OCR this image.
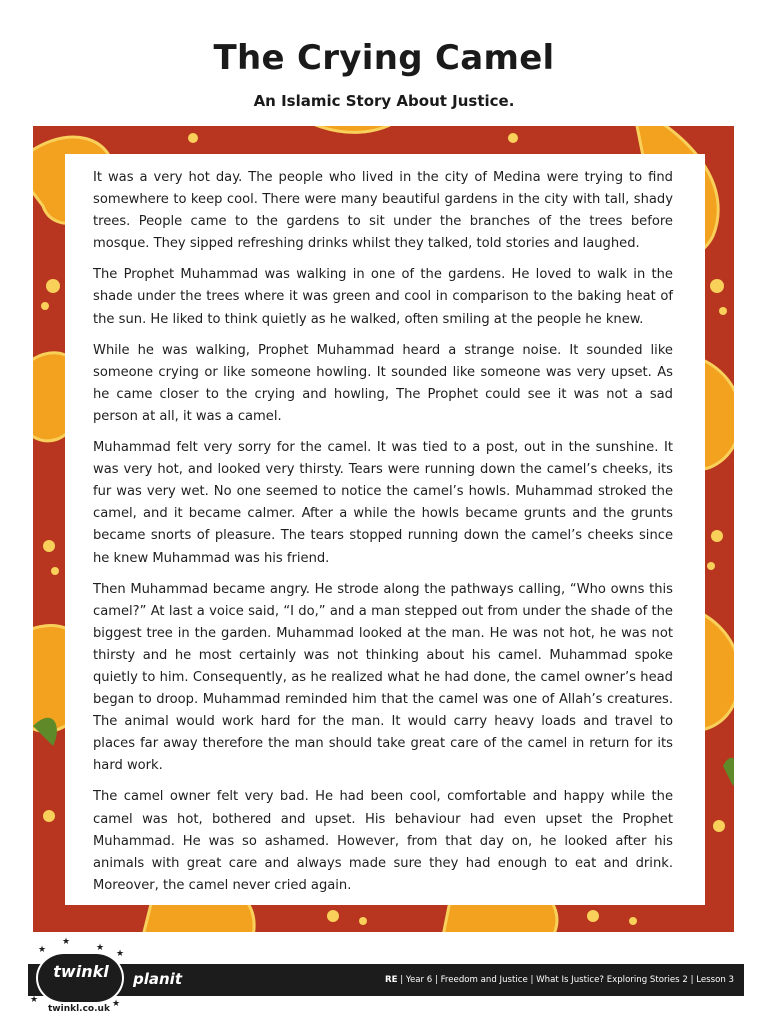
The Crying Camel
An Islamic Story About Justice.

It was a very hot day. The people who lived in the city of Medina were trying to find somewhere to keep cool. There were many beautiful gardens in the city with tall, shady trees. People came to the gardens to sit under the branches of the trees before mosque. They sipped refreshing drinks whilst they talked, told stories and laughed.

The Prophet Muhammad was walking in one of the gardens. He loved to walk in the shade under the trees where it was green and cool in comparison to the baking heat of the sun. He liked to think quietly as he walked, often smiling at the people he knew.

While he was walking, Prophet Muhammad heard a strange noise. It sounded like someone crying or like someone howling. It sounded like someone was very upset. As he came closer to the crying and howling, The Prophet could see it was not a sad person at all, it was a camel.

Muhammad felt very sorry for the camel. It was tied to a post, out in the sunshine. It was very hot, and looked very thirsty. Tears were running down the camel’s cheeks, its fur was very wet. No one seemed to notice the camel’s howls. Muhammad stroked the camel, and it became calmer. After a while the howls became grunts and the grunts became snorts of pleasure. The tears stopped running down the camel’s cheeks since he knew Muhammad was his friend.

Then Muhammad became angry. He strode along the pathways calling, “Who owns this camel?” At last a voice said, “I do,” and a man stepped out from under the shade of the biggest tree in the garden. Muhammad looked at the man. He was not hot, he was not thirsty and he most certainly was not thinking about his camel. Muhammad spoke quietly to him. Consequently, as he realized what he had done, the camel owner’s head began to droop. Muhammad reminded him that the camel was one of Allah’s creatures. The animal would work hard for the man. It would carry heavy loads and travel to places far away therefore the man should take great care of the camel in return for its hard work.

The camel owner felt very bad. He had been cool, comfortable and happy while the camel was hot, bothered and upset. His behaviour had even upset the Prophet Muhammad. He was so ashamed. However, from that day on, he looked after his animals with great care and always made sure they had enough to eat and drink. Moreover, the camel never cried again.

twinkl
★
★
★
★
★	★
twinkl.co.uk
planit	RE | Year 6 | Freedom and Justice | What Is Justice? Exploring Stories 2 | Lesson 3
